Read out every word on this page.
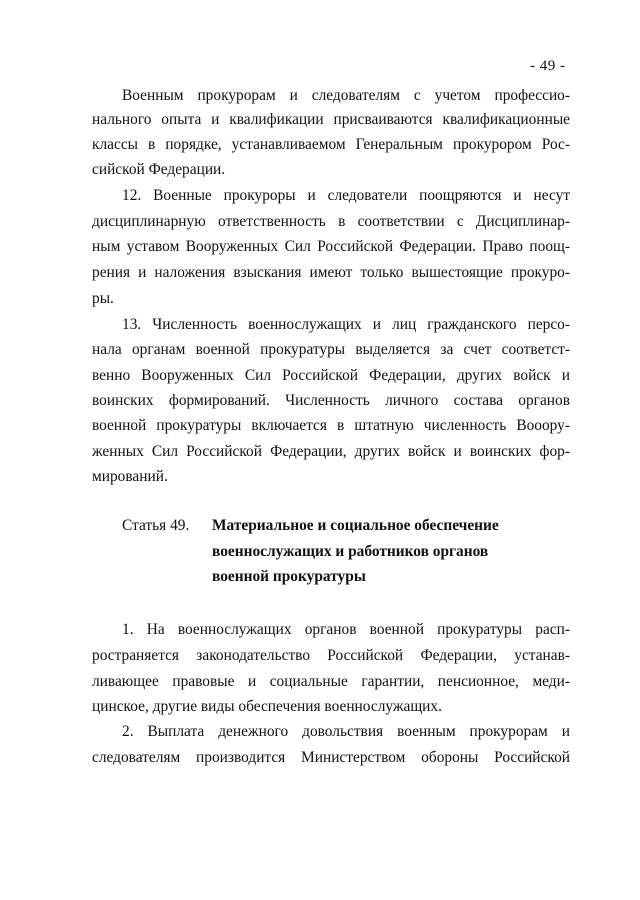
- 49 -
Военным прокурорам и следователям с учетом профессио-
нального опыта и квалификации присваиваются квалификационные
классы в порядке, устанавливаемом Генеральным прокурором Рос-
сийской Федерации.
12. Военные прокуроры и следователи поощряются и несут
дисциплинарную ответственность в соответствии с Дисциплинар-
ным уставом Вооруженных Сил Российской Федерации. Право поощ-
рения и наложения взыскания имеют только вышестоящие прокуро-
ры.
13. Численность военнослужащих и лиц гражданского персо-
нала органам военной прокуратуры выделяется за счет соответст-
венно Вооруженных Сил Российской Федерации, других войск и
воинских формирований. Численность личного состава органов
военной прокуратуры включается в штатную численность Вооору-
женных Сил Российской Федерации, других войск и воинских фор-
мирований.
Статья 49. Материальное и социальное обеспечение
военнослужащих и работников органов
военной прокуратуры
1. На военнослужащих органов военной прокуратуры расп-
ространяется законодательство Российской Федерации, устанав-
ливающее правовые и социальные гарантии, пенсионное, меди-
цинское, другие виды обеспечения военнослужащих.
2. Выплата денежного довольствия военным прокурорам и
следователям производится Министерством обороны Российской
